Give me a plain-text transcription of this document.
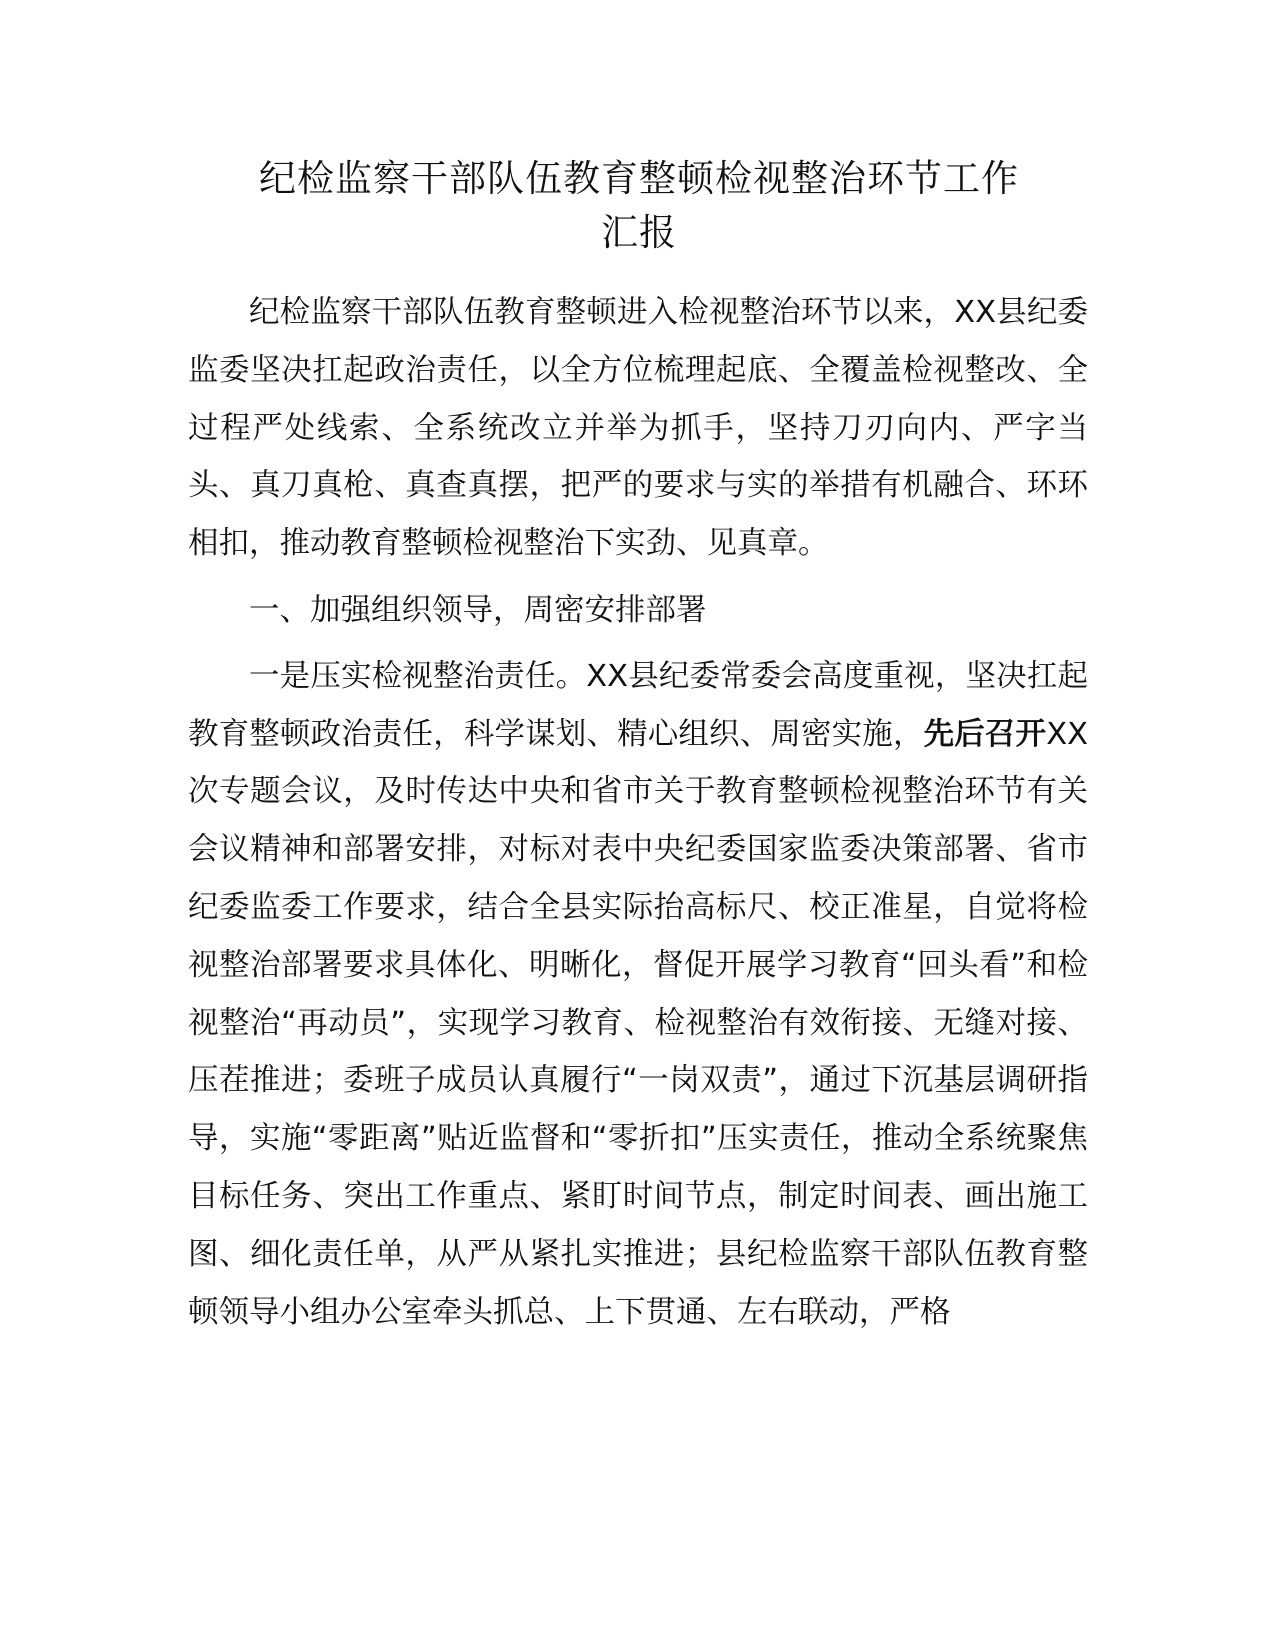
纪检监察干部队伍教育整顿检视整治环节工作
汇报

纪检监察干部队伍教育整顿进入检视整治环节以来，XX县纪委监委坚决扛起政治责任，以全方位梳理起底、全覆盖检视整改、全过程严处线索、全系统改立并举为抓手，坚持刀刃向内、严字当头、真刀真枪、真查真摆，把严的要求与实的举措有机融合、环环相扣，推动教育整顿检视整治下实劲、见真章。

一、加强组织领导，周密安排部署

一是压实检视整治责任。XX县纪委常委会高度重视，坚决扛起教育整顿政治责任，科学谋划、精心组织、周密实施，先后召开XX次专题会议，及时传达中央和省市关于教育整顿检视整治环节有关会议精神和部署安排，对标对表中央纪委国家监委决策部署、省市纪委监委工作要求，结合全县实际抬高标尺、校正准星，自觉将检视整治部署要求具体化、明晰化，督促开展学习教育“回头看”和检视整治“再动员”，实现学习教育、检视整治有效衔接、无缝对接、压茬推进；委班子成员认真履行“一岗双责”，通过下沉基层调研指导，实施“零距离”贴近监督和“零折扣”压实责任，推动全系统聚焦目标任务、突出工作重点、紧盯时间节点，制定时间表、画出施工图、细化责任单，从严从紧扎实推进；县纪检监察干部队伍教育整顿领导小组办公室牵头抓总、上下贯通、左右联动，严格
